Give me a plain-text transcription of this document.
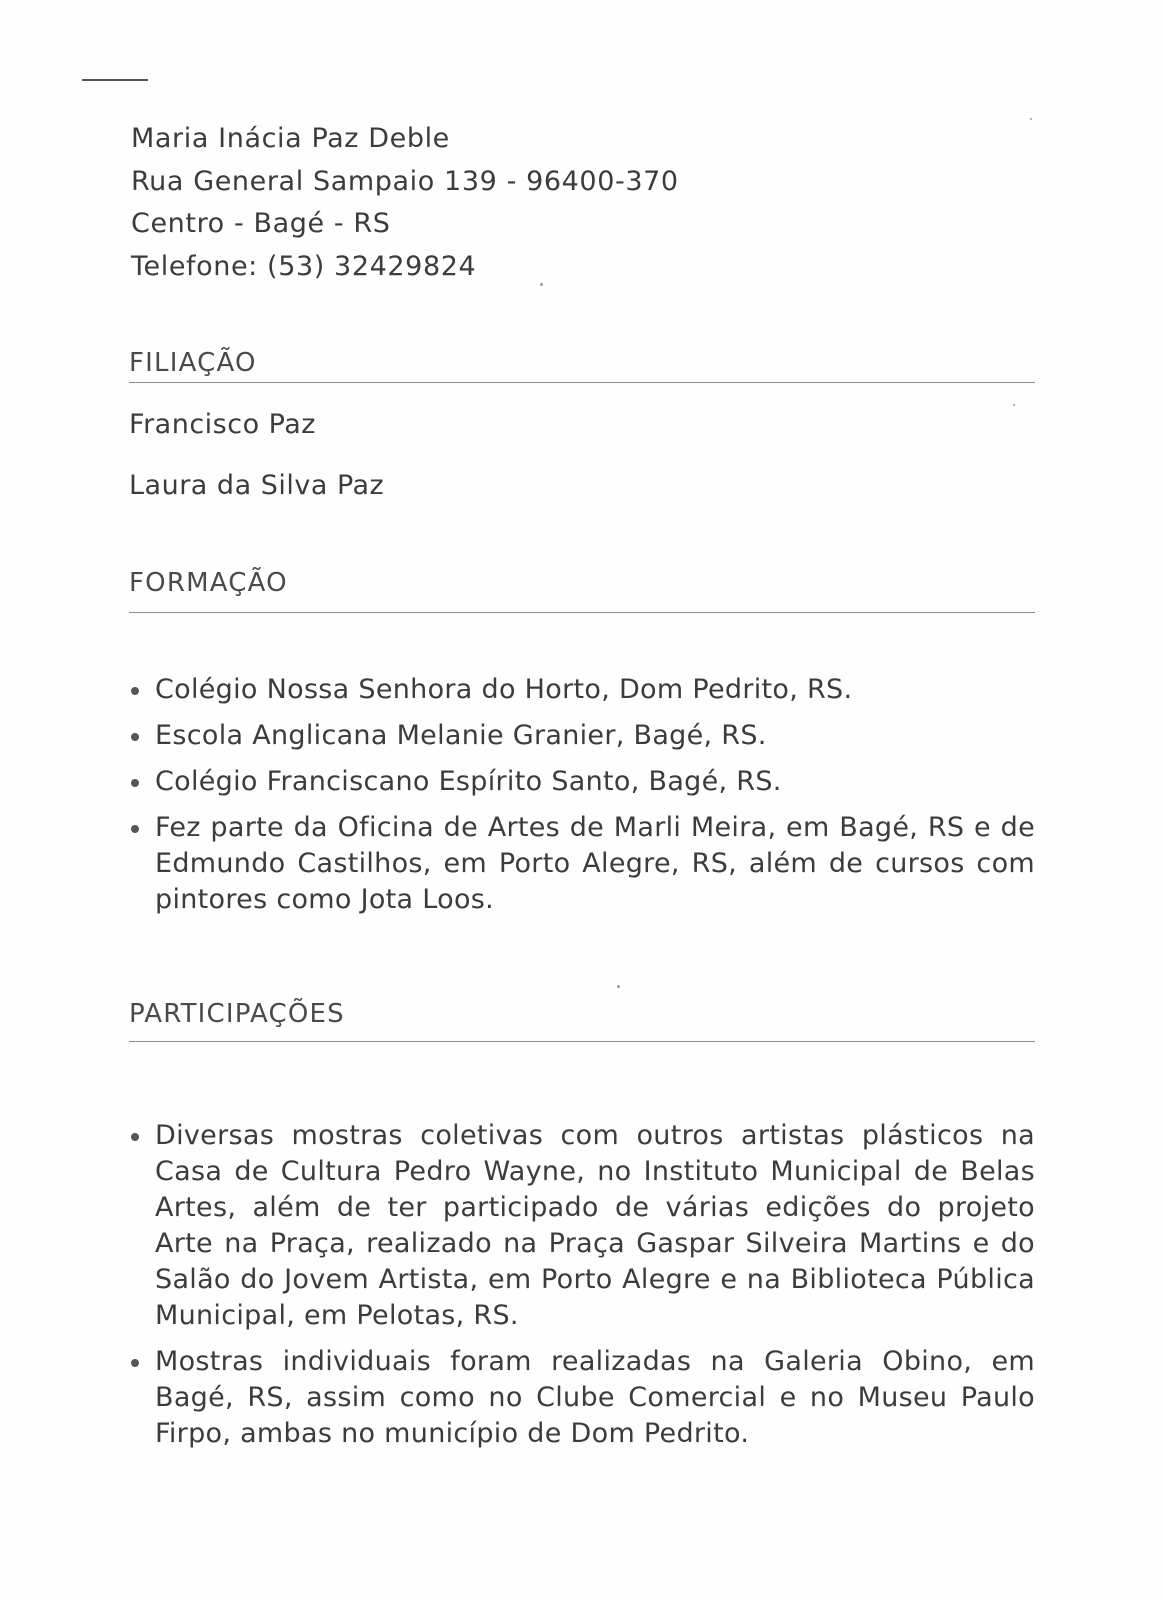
Maria Inácia Paz Deble
Rua General Sampaio 139 - 96400-370
Centro - Bagé - RS
Telefone: (53) 32429824
FILIAÇÃO
Francisco Paz
Laura da Silva Paz
FORMAÇÃO
Colégio Nossa Senhora do Horto, Dom Pedrito, RS.
Escola Anglicana Melanie Granier, Bagé, RS.
Colégio Franciscano Espírito Santo, Bagé, RS.
Fez parte da Oficina de Artes de Marli Meira, em Bagé, RS e de Edmundo Castilhos, em Porto Alegre, RS, além de cursos com pintores como Jota Loos.
PARTICIPAÇÕES
Diversas mostras coletivas com outros artistas plásticos na Casa de Cultura Pedro Wayne, no Instituto Municipal de Belas Artes, além de ter participado de várias edições do projeto Arte na Praça, realizado na Praça Gaspar Silveira Martins e do Salão do Jovem Artista, em Porto Alegre e na Biblioteca Pública Municipal, em Pelotas, RS.
Mostras individuais foram realizadas na Galeria Obino, em Bagé, RS, assim como no Clube Comercial e no Museu Paulo Firpo, ambas no município de Dom Pedrito.
